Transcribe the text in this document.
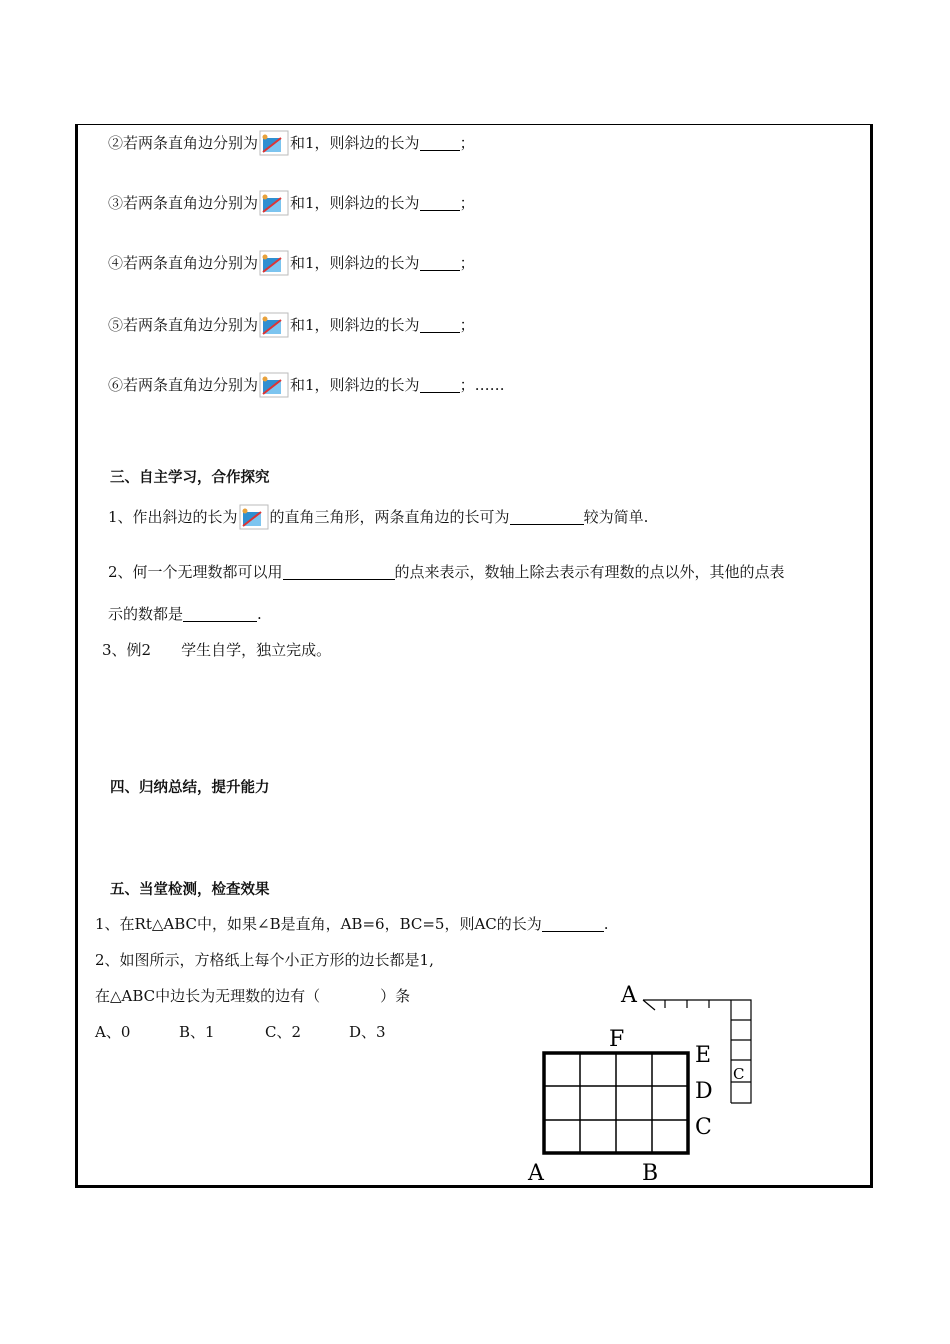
②若两条直角边分别为 和1，则斜边的长为	；
③若两条直角边分别为 和1，则斜边的长为	；
④若两条直角边分别为 和1，则斜边的长为	；
⑤若两条直角边分别为 和1，则斜边的长为	；
⑥若两条直角边分别为 和1，则斜边的长为	；……
三、自主学习，合作探究
1、作出斜边的长为 的直角三角形，两条直角边的长可为	较为简单.
2、何一个无理数都可以用	的点来表示，数轴上除去表示有理数的点以外，其他的点表
示的数都是	.
3、例2　　学生自学，独立完成。
四、归纳总结，提升能力
五、当堂检测，检查效果
1、在Rt△ABC中，如果∠B是直角，AB=6，BC=5，则AC的长为	.
2、如图所示，方格纸上每个小正方形的边长都是1,
在△ABC中边长为无理数的边有（　　　　）条
A、0	B、1	C、2	D、3
A
F
E
D
C
A	B
C
